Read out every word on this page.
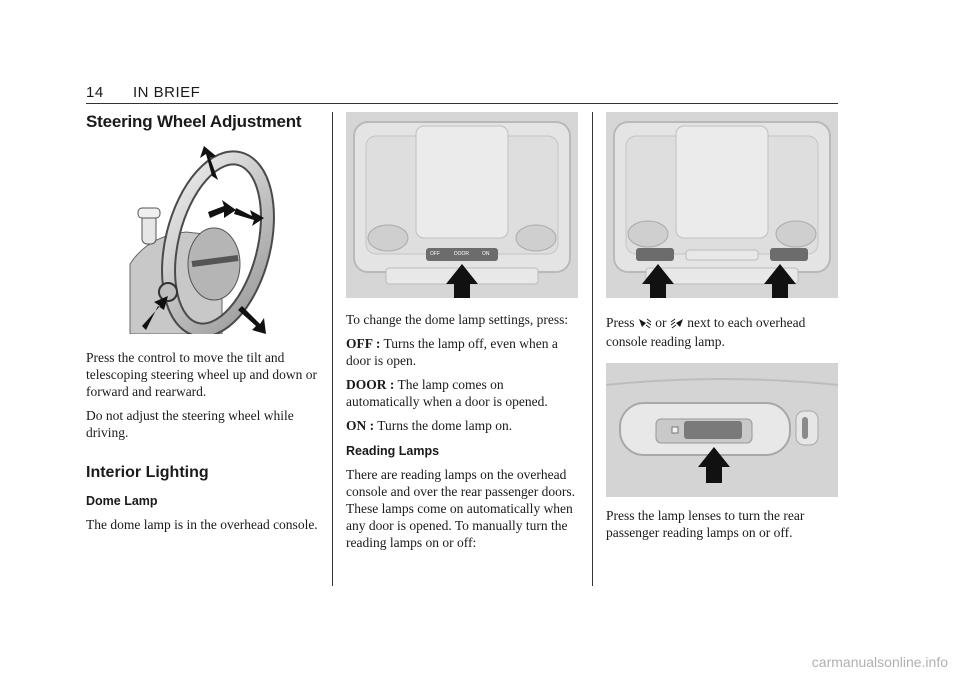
14 IN BRIEF
Steering Wheel Adjustment

Press the control to move the tilt and telescoping steering wheel up and down or forward and rearward.

Do not adjust the steering wheel while driving.

Interior Lighting
Dome Lamp

The dome lamp is in the overhead console.

OFF	DOOR	ON

To change the dome lamp settings, press:

OFF : Turns the lamp off, even when a door is open.

DOOR : The lamp comes on automatically when a door is opened.

ON : Turns the dome lamp on.

Reading Lamps

There are reading lamps on the overhead console and over the rear passenger doors. These lamps come on automatically when any door is opened. To manually turn the reading lamps on or off:

Press or next to each overhead console reading lamp.

Press the lamp lenses to turn the rear passenger reading lamps on or off.

carmanualsonline.info
